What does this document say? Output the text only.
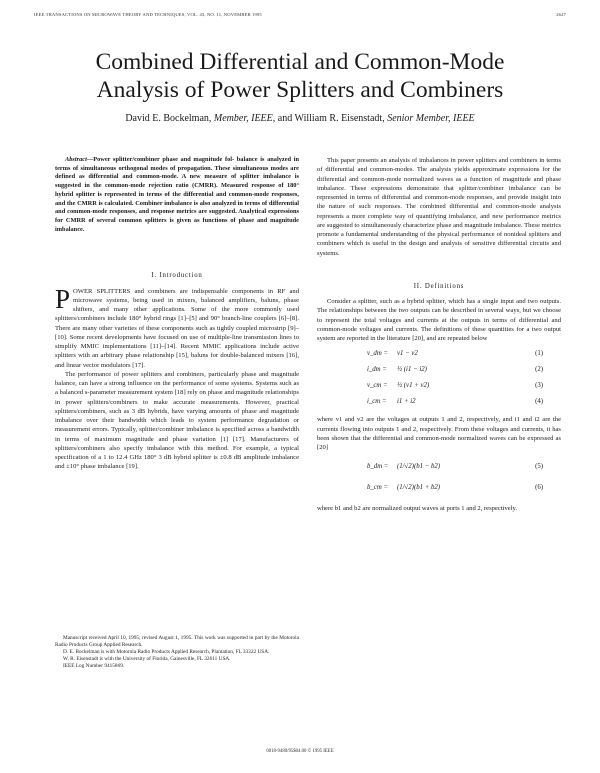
IEEE TRANSACTIONS ON MICROWAVE THEORY AND TECHNIQUES, VOL. 43, NO. 11, NOVEMBER 1995	2627
Combined Differential and Common-Mode
Analysis of Power Splitters and Combiners
David E. Bockelman, Member, IEEE, and William R. Eisenstadt, Senior Member, IEEE

Abstract—Power splitter/combiner phase and magnitude fol- balance is analyzed in terms of simultaneous orthogonal modes of propagation. These simultaneous modes are defined as differential and common-mode. A new measure of splitter imbalance is suggested in the common-mode rejection ratio (CMRR). Measured response of 180° hybrid splitter is represented in terms of the differential and common-mode responses, and the CMRR is calculated. Combiner imbalance is also analyzed in terms of differential and common-mode responses, and response metrics are suggested. Analytical expressions for CMRR of several common splitters is given as functions of phase and magnitude imbalance.

I. Introduction

POWER SPLITTERS and combiners are indispensable components in RF and microwave systems, being used in mixers, balanced amplifiers, baluns, phase shifters, and many other applications. Some of the more commonly used splitters/combiners include 180° hybrid rings [1]–[5] and 90° branch-line couplers [6]–[8]. There are many other varieties of these components such as tightly coupled microstrip [9]–[10]. Some recent developments have focused on use of multiple-line transmission lines to simplify MMIC implementations [11]–[14]. Recent MMIC applications include active splitters with an arbitrary phase relationship [15], baluns for double-balanced mixers [16], and linear vector modulators [17].

The performance of power splitters and combiners, particularly phase and magnitude balance, can have a strong influence on the performance of some systems. Systems such as a balanced s-parameter measurement system [18] rely on phase and magnitude relationships in power splitters/combiners to make accurate measurements. However, practical splitters/combiners, such as 3 dB hybrids, have varying amounts of phase and magnitude imbalance over their bandwidth which leads to system performance degradation or measurement errors. Typically, splitter/combiner imbalance is specified across a bandwidth in terms of maximum magnitude and phase variation [1] [17]. Manufacturers of splitters/combiners also specify imbalance with this method. For example, a typical specification of a 1 to 12.4 GHz 180° 3 dB hybrid splitter is ±0.8 dB amplitude imbalance and ±10° phase imbalance [19].

Manuscript received April 10, 1995; revised August 1, 1995. This work was supported in part by the Motorola Radio Products Group Applied Research.

D. E. Bockelman is with Motorola Radio Products Applied Research, Plantation, FL 33322 USA.

W. R. Eisenstadt is with the University of Florida, Gainesville, FL 32611 USA.

IEEE Log Number 9415869.

This paper presents an analysis of imbalances in power splitters and combiners in terms of differential and common-modes. The analysis yields approximate expressions for the differential and common-mode normalized waves as a function of magnitude and phase imbalance. These expressions demonstrate that splitter/combiner imbalance can be represented in terms of differential and common-mode responses, and provide insight into the nature of such responses. The combined differential and common-mode analysis represents a more complete way of quantifying imbalance, and new performance metrics are suggested to simultaneously characterize phase and magnitude imbalance. These metrics promote a fundamental understanding of the physical performance of nonideal splitters and combiners which is useful in the design and analysis of sensitive differential circuits and systems.

II. Definitions

Consider a splitter, such as a hybrid splitter, which has a single input and two outputs. The relationships between the two outputs can be described in several ways, but we choose to represent the total voltages and currents at the outputs in terms of differential and common-mode voltages and currents. The definitions of these quantities for a two output system are reported in the literature [20], and are repeated below

v_dm = v1 − v2	(1)
i_dm = ½ (i1 − i2)	(2)
v_cm = ½ (v1 + v2)	(3)
i_cm = i1 + i2	(4)

where v1 and v2 are the voltages at outputs 1 and 2, respectively, and i1 and i2 are the currents flowing into outputs 1 and 2, respectively. From these voltages and currents, it has been shown that the differential and common-mode normalized waves can be expressed as [20]

b_dm = (1/√2)(b1 − b2)	(5)
b_cm = (1/√2)(b1 + b2)	(6)

where b1 and b2 are normalized output waves at ports 1 and 2, respectively.

0018-9480/95$04.00 © 1995 IEEE
